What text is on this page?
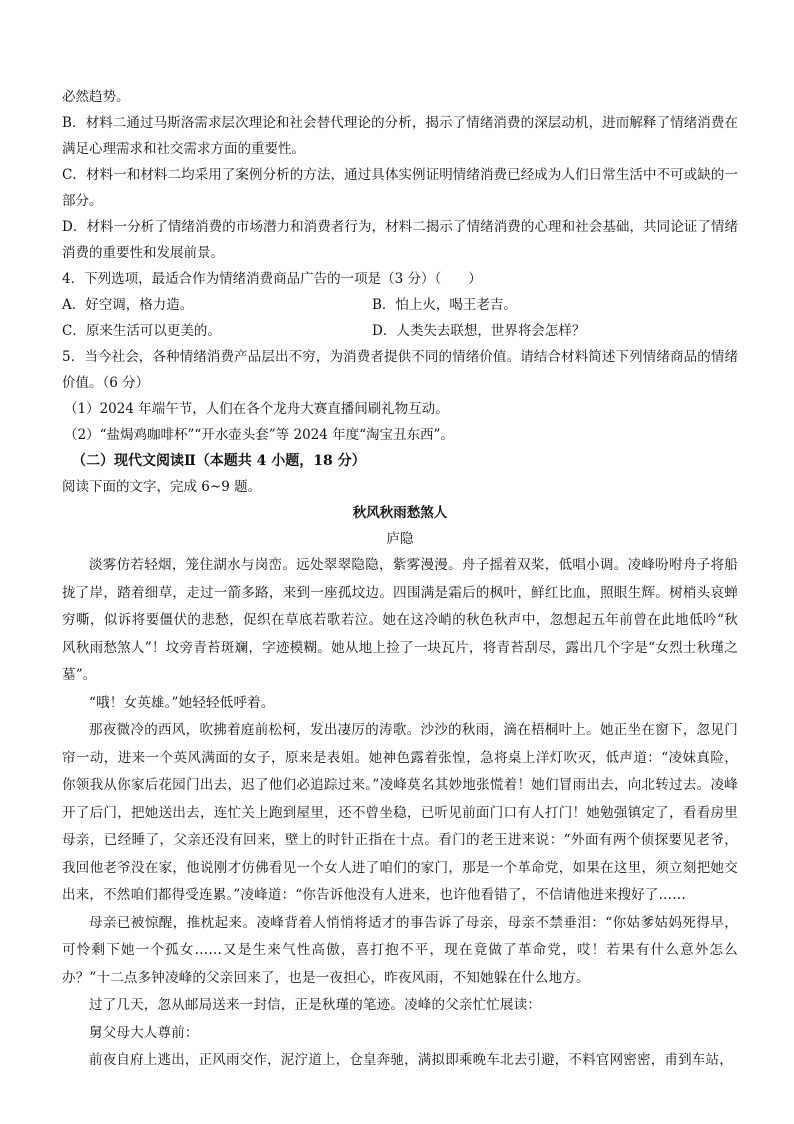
必然趋势。

B．材料二通过马斯洛需求层次理论和社会替代理论的分析，揭示了情绪消费的深层动机，进而解释了情绪消费在满足心理需求和社交需求方面的重要性。

C．材料一和材料二均采用了案例分析的方法，通过具体实例证明情绪消费已经成为人们日常生活中不可或缺的一部分。

D．材料一分析了情绪消费的市场潜力和消费者行为，材料二揭示了情绪消费的心理和社会基础，共同论证了情绪消费的重要性和发展前景。

4．下列选项，最适合作为情绪消费商品广告的一项是（3 分）（　　）

A．好空调，格力造。	B．怕上火，喝王老吉。
C．原来生活可以更美的。	D．人类失去联想，世界将会怎样？

5．当今社会，各种情绪消费产品层出不穷，为消费者提供不同的情绪价值。请结合材料简述下列情绪商品的情绪价值。（6 分）

（1）2024 年端午节，人们在各个龙舟大赛直播间刷礼物互动。

（2）“盐焗鸡咖啡杯”“开水壶头套”等 2024 年度“淘宝丑东西”。

（二）现代文阅读Ⅱ（本题共 4 小题，18 分）

阅读下面的文字，完成 6~9 题。

秋风秋雨愁煞人
庐隐

淡雾仿若轻烟，笼住湖水与岗峦。远处翠翠隐隐，紫雾漫漫。舟子摇着双桨，低唱小调。凌峰吩咐舟子将船拢了岸，踏着细草，走过一箭多路，来到一座孤坟边。四围满是霜后的枫叶，鲜红比血，照眼生辉。树梢头哀蝉穷嘶，似诉将要僵伏的悲愁，促织在草底若歌若泣。她在这冷峭的秋色秋声中，忽想起五年前曾在此地低吟“秋风秋雨愁煞人”！坟旁青苔斑斓，字迹模糊。她从地上捡了一块瓦片，将青苔刮尽，露出几个字是“女烈士秋瑾之墓”。

“哦！女英雄。”她轻轻低呼着。

那夜微冷的西风，吹拂着庭前松柯，发出凄厉的涛歌。沙沙的秋雨，滴在梧桐叶上。她正坐在窗下，忽见门帘一动，进来一个英风满面的女子，原来是表姐。她神色露着张惶，急将桌上洋灯吹灭，低声道：“凌妹真险，你领我从你家后花园门出去，迟了他们必追踪过来。”凌峰莫名其妙地张慌着！她们冒雨出去，向北转过去。凌峰开了后门，把她送出去，连忙关上跑到屋里，还不曾坐稳，已听见前面门口有人打门！她勉强镇定了，看看房里母亲，已经睡了，父亲还没有回来，壁上的时针正指在十点。看门的老王进来说：“外面有两个侦探要见老爷，我回他老爷没在家，他说刚才仿佛看见一个女人进了咱们的家门，那是一个革命党，如果在这里，须立刻把她交出来，不然咱们都得受连累。”凌峰道：“你告诉他没有人进来，也许他看错了，不信请他进来搜好了……

母亲已被惊醒，推枕起来。凌峰背着人悄悄将适才的事告诉了母亲，母亲不禁垂泪：“你姑爹姑妈死得早，可怜剩下她一个孤女……又是生来气性高傲，喜打抱不平，现在竟做了革命党，哎！若果有什么意外怎么办？”十二点多钟凌峰的父亲回来了，也是一夜担心，昨夜风雨，不知她躲在什么地方。

过了几天，忽从邮局送来一封信，正是秋瑾的笔迹。凌峰的父亲忙忙展读：

舅父母大人尊前：

前夜自府上逃出，正风雨交作，泥泞道上，仓皇奔驰，满拟即乘晚车北去引避，不料官网密密，甫到车站，
